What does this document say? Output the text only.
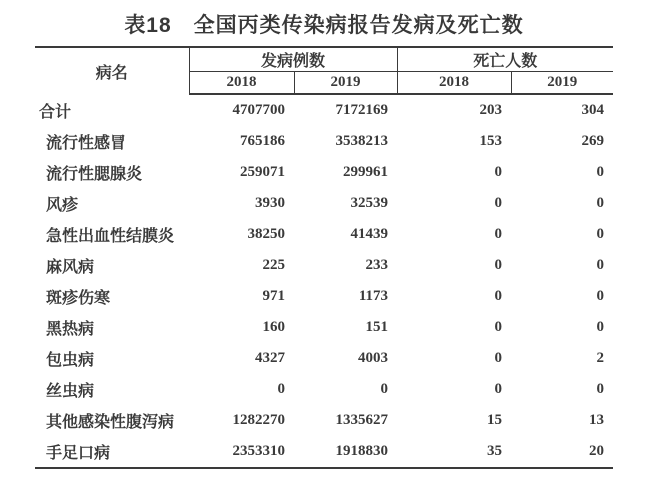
表18　全国丙类传染病报告发病及死亡数
病名	发病例数		死亡人数	
	2018	2019	2018	2019
合计	4707700	7172169	203	304
流行性感冒	765186	3538213	153	269
流行性腮腺炎	259071	299961	0	0
风疹	3930	32539	0	0
急性出血性结膜炎	38250	41439	0	0
麻风病	225	233	0	0
斑疹伤寒	971	1173	0	0
黑热病	160	151	0	0
包虫病	4327	4003	0	2
丝虫病	0	0	0	0
其他感染性腹泻病	1282270	1335627	15	13
手足口病	2353310	1918830	35	20
